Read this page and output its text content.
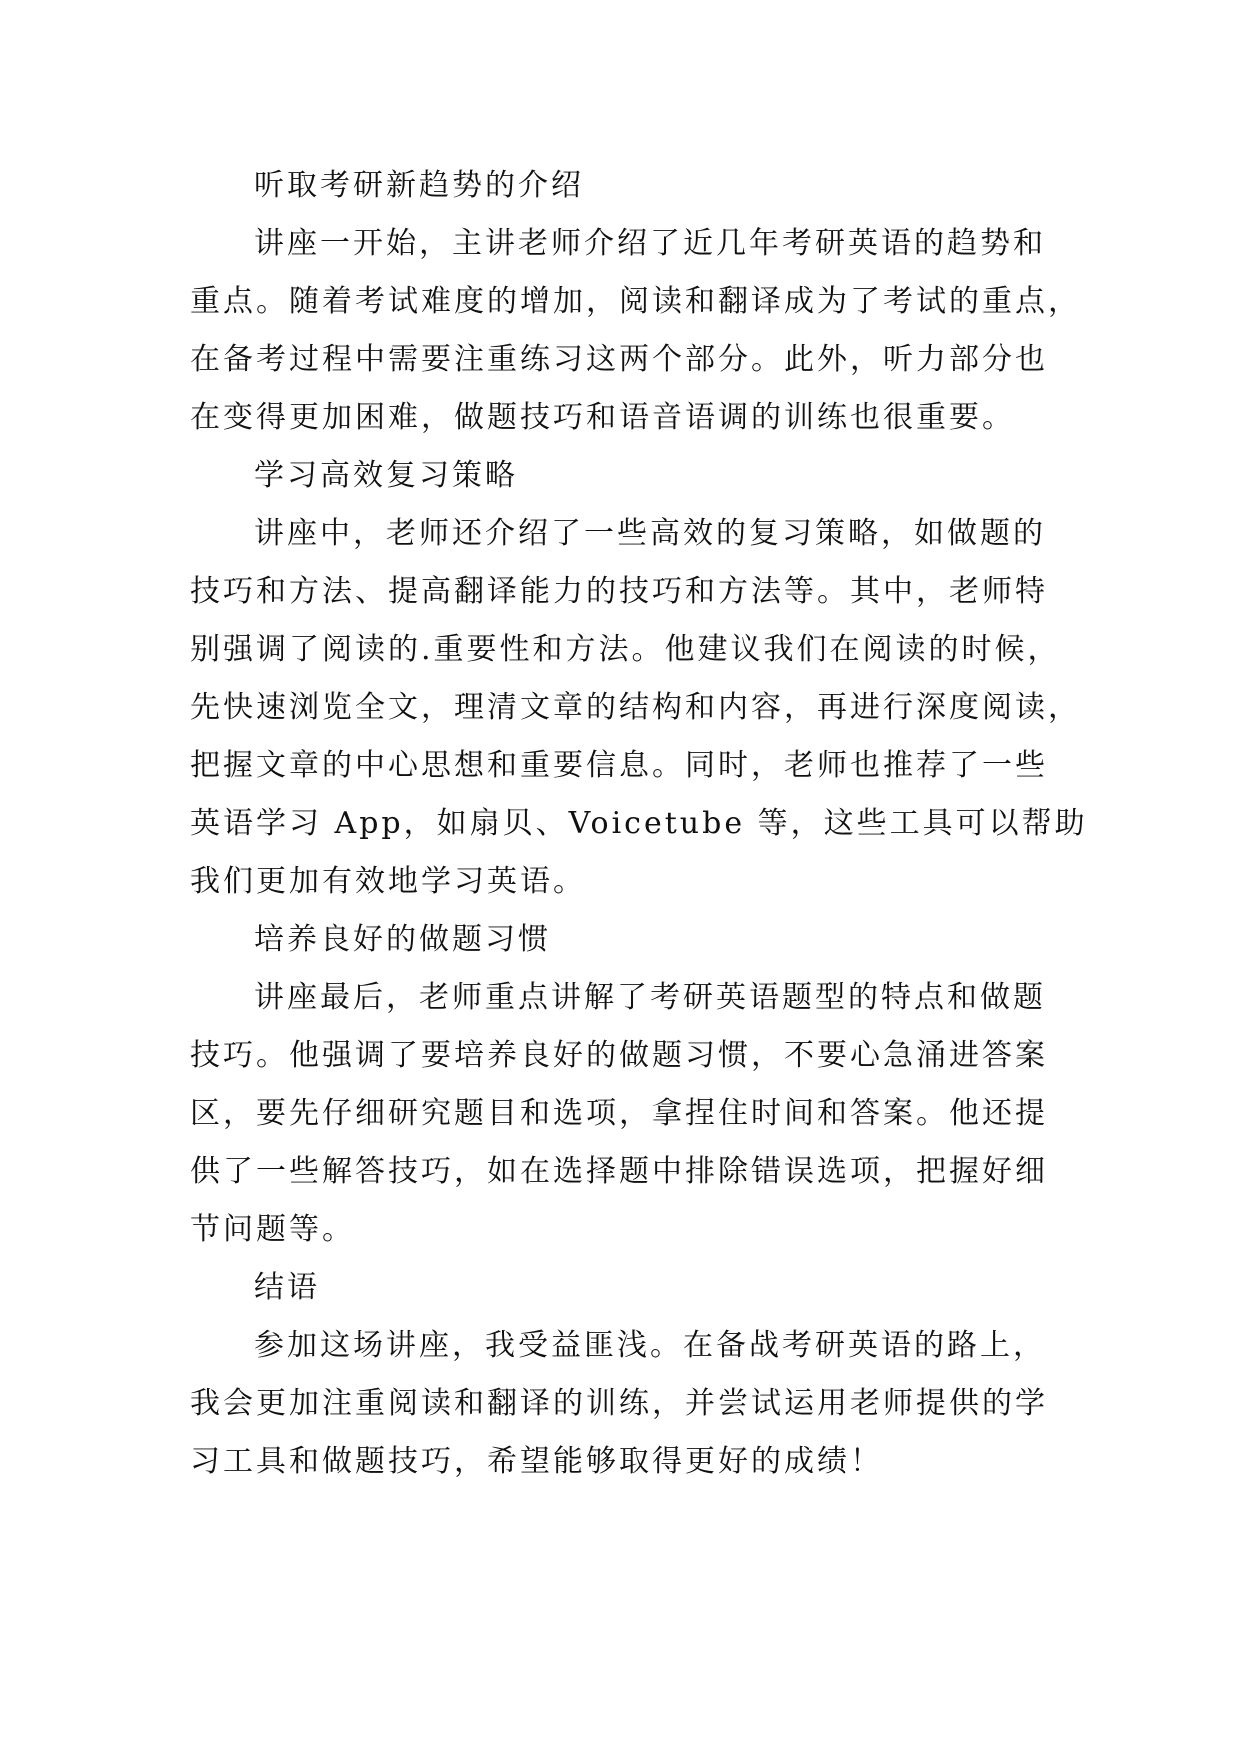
听取考研新趋势的介绍

讲座一开始，主讲老师介绍了近几年考研英语的趋势和
重点。随着考试难度的增加，阅读和翻译成为了考试的重点，
在备考过程中需要注重练习这两个部分。此外，听力部分也
在变得更加困难，做题技巧和语音语调的训练也很重要。

学习高效复习策略

讲座中，老师还介绍了一些高效的复习策略，如做题的
技巧和方法、提高翻译能力的技巧和方法等。其中，老师特
别强调了阅读的.重要性和方法。他建议我们在阅读的时候，
先快速浏览全文，理清文章的结构和内容，再进行深度阅读，
把握文章的中心思想和重要信息。同时，老师也推荐了一些
英语学习 App，如扇贝、Voicetube 等，这些工具可以帮助
我们更加有效地学习英语。

培养良好的做题习惯

讲座最后，老师重点讲解了考研英语题型的特点和做题
技巧。他强调了要培养良好的做题习惯，不要心急涌进答案
区，要先仔细研究题目和选项，拿捏住时间和答案。他还提
供了一些解答技巧，如在选择题中排除错误选项，把握好细
节问题等。

结语

参加这场讲座，我受益匪浅。在备战考研英语的路上，
我会更加注重阅读和翻译的训练，并尝试运用老师提供的学
习工具和做题技巧，希望能够取得更好的成绩！
